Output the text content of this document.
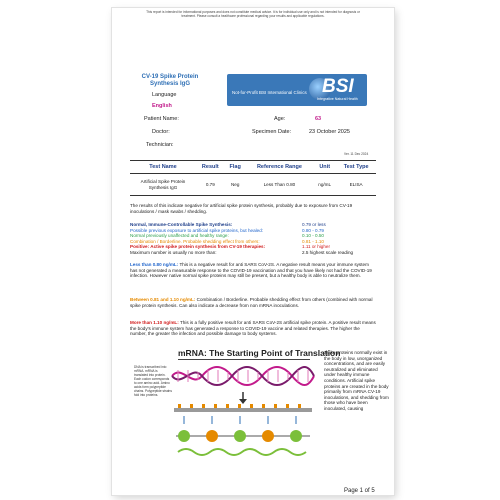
This report is intended for informational purposes and does not constitute medical advice. It is for individual use only and is not intended for diagnosis or treatment. Please consult a healthcare professional regarding your results and applicable regulations.
CV-19 Spike Protein Synthesis IgG
Not-for-Profit BSI International Clinics BSI
Integrative Natural Health
Language
English
Patient Name:	Age:	63
Doctor:	Specimen Date:	23 October 2025
Technician:
Ver. 11 Dec 2024
Test Name	Result	Flag	Reference Range	Unit	Test Type
Artificial Spike Protein Synthesis IgG	0.79	Neg	Less Than 0.80	ng/mL	ELISA
The results of this indicate negative for artificial spike protein synthesis, probably due to exposure from CV-19 inoculations / mask swabs / shedding.
Normal, Immune-Controllable Spike Synthesis:	0.79 or less
Possible previous exposure to artificial spike proteins, but healed:	0.80 - 0.79
Normal previously unaffected and healthy range:	0.10 - 0.50
Combination / Borderline. Probable shedding effect from others:	0.81 - 1.10
Positive: Active spike protein synthesis from CV-19 therapies:	1.11 or higher
Maximum number is usually no more than:	2.5 highest scale reading
Less than 0.80 ng/mL: This is a negative result for anti SARS CoV-2S. A negative result means your immune system has not generated a measurable response to the COVID-19 vaccination and that you have likely not had the COVID-19 infection. However native normal spike proteins may still be present, but a healthy body is able to neutralize them.
Between 0.81 and 1.10 ng/mL: Combination / Borderline. Probable shedding effect from others (combined with normal spike protein synthesis. Can also indicate a decrease from non mRNA inoculations.
More than 1.10 ng/mL: This is a fully positive result for anti SARS CoV-2S artificial spike protein. A positive result means the body's immune system has generated a response to COVID-19 vaccine and related therapies. The higher the number, the greater the infection and possible damage to body systems.
mRNA: The Starting Point of Translation
DNA is transcribed into mRNA. mRNA is translated into protein. Each codon corresponds to one amino acid. Amino acids form polypeptide chains. Polypeptide strains fold into proteins.
Spike proteins normally exist in the body in low, unorganized concentrations, and are easily neutralized and eliminated under healthy immune conditions. Artificial spike proteins are created in the body primarily from mRNA CV-19 inoculations, and shedding from those who have been inoculated, causing
Page 1 of 5
